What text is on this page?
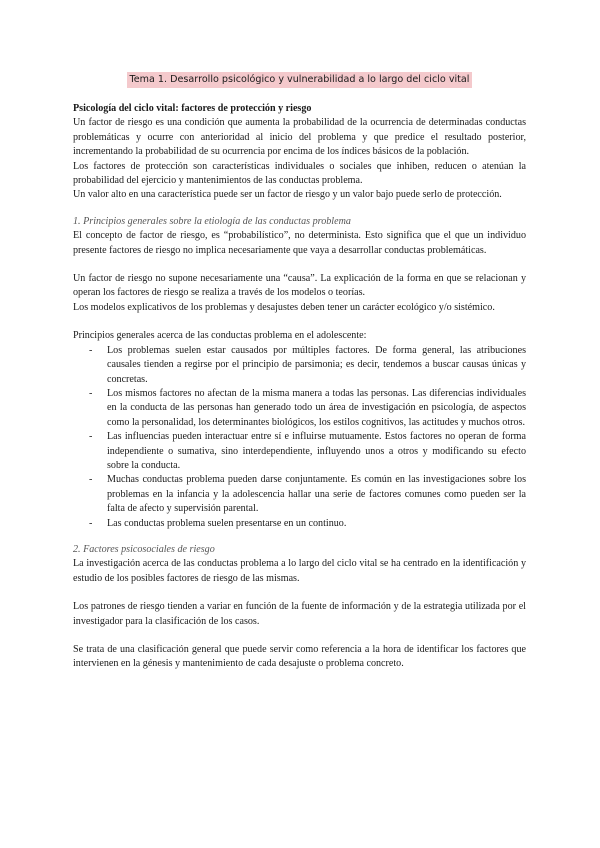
Tema 1. Desarrollo psicológico y vulnerabilidad a lo largo del ciclo vital

Psicología del ciclo vital: factores de protección y riesgo

Un factor de riesgo es una condición que aumenta la probabilidad de la ocurrencia de determinadas conductas problemáticas y ocurre con anterioridad al inicio del problema y que predice el resultado posterior, incrementando la probabilidad de su ocurrencia por encima de los índices básicos de la población.

Los factores de protección son características individuales o sociales que inhiben, reducen o atenúan la probabilidad del ejercicio y mantenimientos de las conductas problema.

Un valor alto en una característica puede ser un factor de riesgo y un valor bajo puede serlo de protección.

1. Principios generales sobre la etiología de las conductas problema

El concepto de factor de riesgo, es “probabilístico”, no determinista. Esto significa que el que un individuo presente factores de riesgo no implica necesariamente que vaya a desarrollar conductas problemáticas.

Un factor de riesgo no supone necesariamente una “causa”. La explicación de la forma en que se relacionan y operan los factores de riesgo se realiza a través de los modelos o teorías.

Los modelos explicativos de los problemas y desajustes deben tener un carácter ecológico y/o sistémico.

Principios generales acerca de las conductas problema en el adolescente:

- Los problemas suelen estar causados por múltiples factores. De forma general, las atribuciones causales tienden a regirse por el principio de parsimonia; es decir, tendemos a buscar causas únicas y concretas.
- Los mismos factores no afectan de la misma manera a todas las personas. Las diferencias individuales en la conducta de las personas han generado todo un área de investigación en psicología, de aspectos como la personalidad, los determinantes biológicos, los estilos cognitivos, las actitudes y muchos otros.
- Las influencias pueden interactuar entre sí e influirse mutuamente. Estos factores no operan de forma independiente o sumativa, sino interdependiente, influyendo unos a otros y modificando su efecto sobre la conducta.
- Muchas conductas problema pueden darse conjuntamente. Es común en las investigaciones sobre los problemas en la infancia y la adolescencia hallar una serie de factores comunes como pueden ser la falta de afecto y supervisión parental.
- Las conductas problema suelen presentarse en un continuo.

2. Factores psicosociales de riesgo

La investigación acerca de las conductas problema a lo largo del ciclo vital se ha centrado en la identificación y estudio de los posibles factores de riesgo de las mismas.

Los patrones de riesgo tienden a variar en función de la fuente de información y de la estrategia utilizada por el investigador para la clasificación de los casos.

Se trata de una clasificación general que puede servir como referencia a la hora de identificar los factores que intervienen en la génesis y mantenimiento de cada desajuste o problema concreto.
